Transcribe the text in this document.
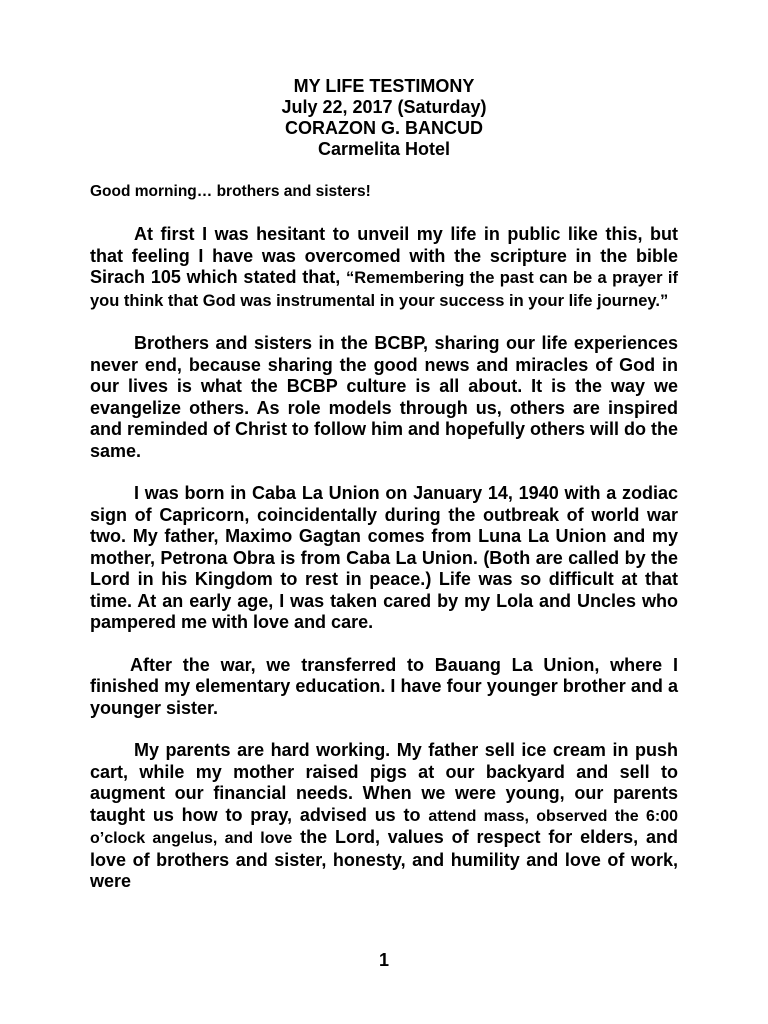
MY LIFE TESTIMONY
July 22, 2017 (Saturday)
CORAZON G. BANCUD
Carmelita Hotel

Good morning… brothers and sisters!

At first I was hesitant to unveil my life in public like this, but that feeling I have was overcomed with the scripture in the bible Sirach 105 which stated that, “Remembering the past can be a prayer if you think that God was instrumental in your success in your life journey.”

Brothers and sisters in the BCBP, sharing our life experiences never end, because sharing the good news and miracles of God in our lives is what the BCBP culture is all about. It is the way we evangelize others. As role models through us, others are inspired and reminded of Christ to follow him and hopefully others will do the same.

I was born in Caba La Union on January 14, 1940 with a zodiac sign of Capricorn, coincidentally during the outbreak of world war two. My father, Maximo Gagtan comes from Luna La Union and my mother, Petrona Obra is from Caba La Union. (Both are called by the Lord in his Kingdom to rest in peace.) Life was so difficult at that time. At an early age, I was taken cared by my Lola and Uncles who pampered me with love and care.

After the war, we transferred to Bauang La Union, where I finished my elementary education. I have four younger brother and a younger sister.

My parents are hard working. My father sell ice cream in push cart, while my mother raised pigs at our backyard and sell to augment our financial needs. When we were young, our parents taught us how to pray, advised us to attend mass, observed the 6:00 o’clock angelus, and love the Lord, values of respect for elders, and love of brothers and sister, honesty, and humility and love of work, were

1
